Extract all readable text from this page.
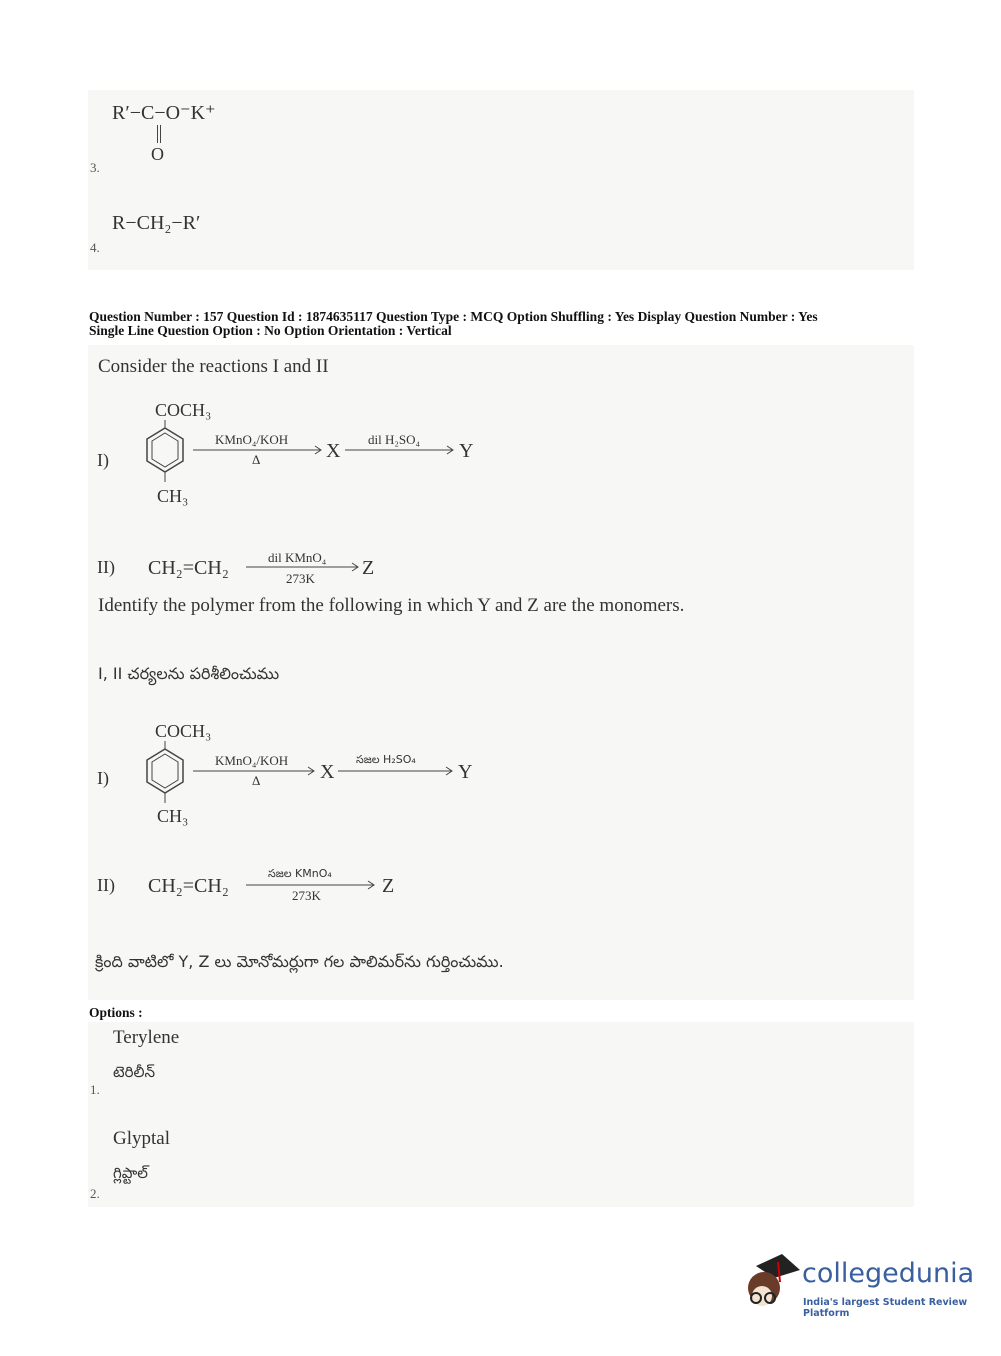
R′−C−O⁻K⁺
O
3.
R−CH₂−R′
4.
Question Number : 157 Question Id : 1874635117 Question Type : MCQ Option Shuffling : Yes Display Question Number : Yes
Single Line Question Option : No Option Orientation : Vertical
Consider the reactions I and II
COCH₃
CH₃
I)
KMnO₄/KOH
Δ	X
dil H₂SO₄
Y
II) CH₂=CH₂	dil KMnO₄
273K Z
Identify the polymer from the following in which Y and Z are the monomers.
I, II చర్యలను పరిశీలించుము
COCH₃
CH₃
I)
KMnO₄/KOH
Δ	X
సజల H₂SO₄
Y
II) CH₂=CH₂
సజల KMnO₄
273K	Z
క్రింది వాటిలో Y, Z లు మోనోమర్లుగా గల పాలిమర్‌ను గుర్తించుము.
Options :
Terylene
టెరిలీన్
1.
Glyptal
గ్లిప్టాల్
2.
collegedunia
India's largest Student Review Platform
